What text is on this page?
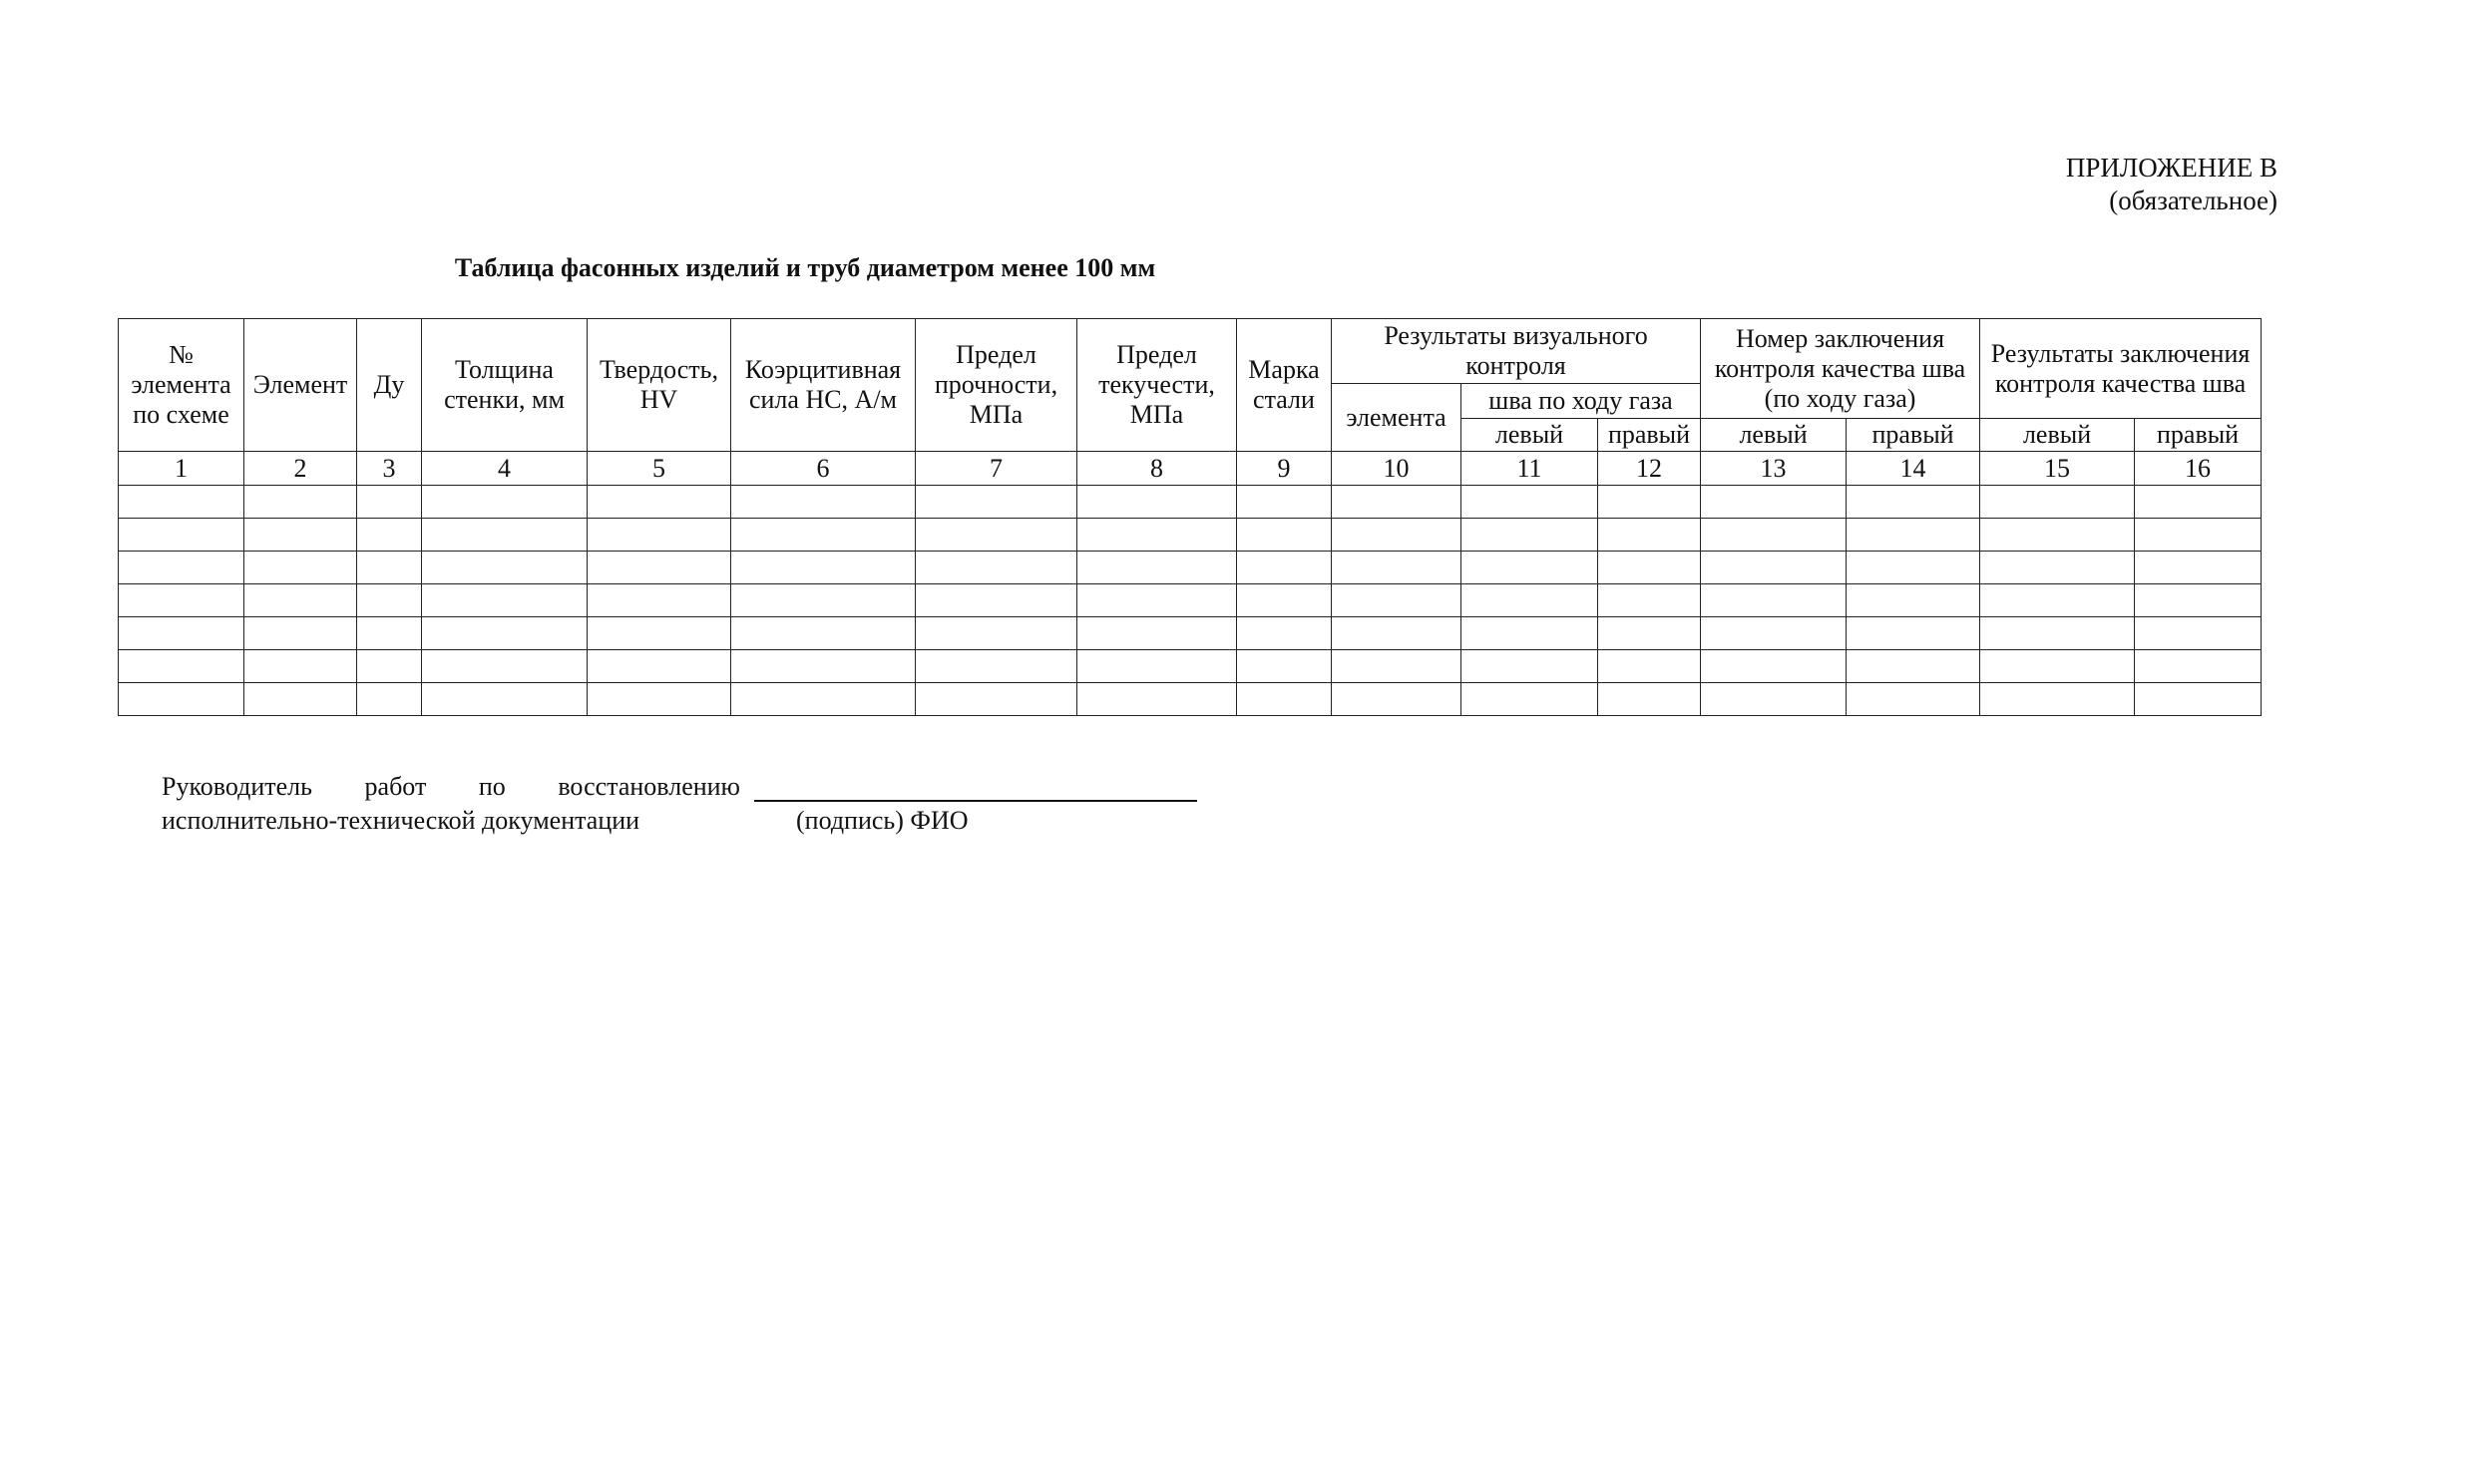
ПРИЛОЖЕНИЕ В
(обязательное)
Таблица фасонных изделий и труб диаметром менее 100 мм
№ элемента по схеме	Элемент	Ду	Толщина стенки, мм	Твердость, HV	Коэрцитивная сила НС, А/м	Предел прочности, МПа	Предел текучести, МПа	Марка стали	Результаты визуального контроля			Номер заключения контроля качества шва (по ходу газа)		Результаты заключения контроля качества шва	
									элемента	шва по ходу газа					
										левый	правый	левый	правый	левый	правый
1	2	3	4	5	6	7	8	9	10	11	12	13	14	15	16

Руководитель работ по восстановлению
исполнительно-технической документации	(подпись) ФИО
